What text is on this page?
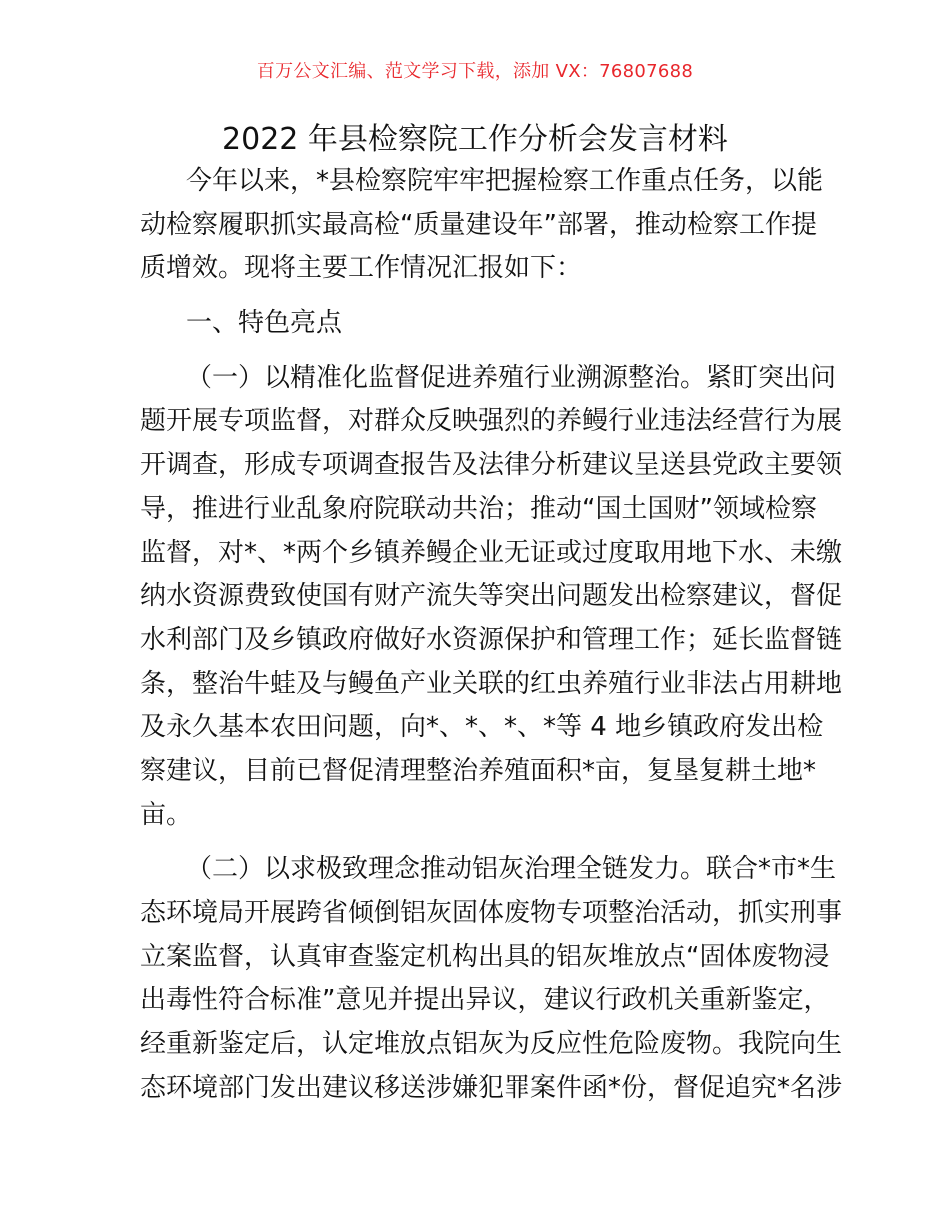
百万公文汇编、范文学习下载，添加 VX：76807688
2022 年县检察院工作分析会发言材料
今年以来，*县检察院牢牢把握检察工作重点任务，以能
动检察履职抓实最高检“质量建设年”部署，推动检察工作提
质增效。现将主要工作情况汇报如下：
一、特色亮点
（一）以精准化监督促进养殖行业溯源整治。紧盯突出问
题开展专项监督，对群众反映强烈的养鳗行业违法经营行为展
开调查，形成专项调查报告及法律分析建议呈送县党政主要领
导，推进行业乱象府院联动共治；推动“国土国财”领域检察
监督，对*、*两个乡镇养鳗企业无证或过度取用地下水、未缴
纳水资源费致使国有财产流失等突出问题发出检察建议，督促
水利部门及乡镇政府做好水资源保护和管理工作；延长监督链
条，整治牛蛙及与鳗鱼产业关联的红虫养殖行业非法占用耕地
及永久基本农田问题，向*、*、*、*等 4 地乡镇政府发出检
察建议，目前已督促清理整治养殖面积*亩，复垦复耕土地*
亩。
（二）以求极致理念推动铝灰治理全链发力。联合*市*生
态环境局开展跨省倾倒铝灰固体废物专项整治活动，抓实刑事
立案监督，认真审查鉴定机构出具的铝灰堆放点“固体废物浸
出毒性符合标准”意见并提出异议，建议行政机关重新鉴定，
经重新鉴定后，认定堆放点铝灰为反应性危险废物。我院向生
态环境部门发出建议移送涉嫌犯罪案件函*份，督促追究*名涉
